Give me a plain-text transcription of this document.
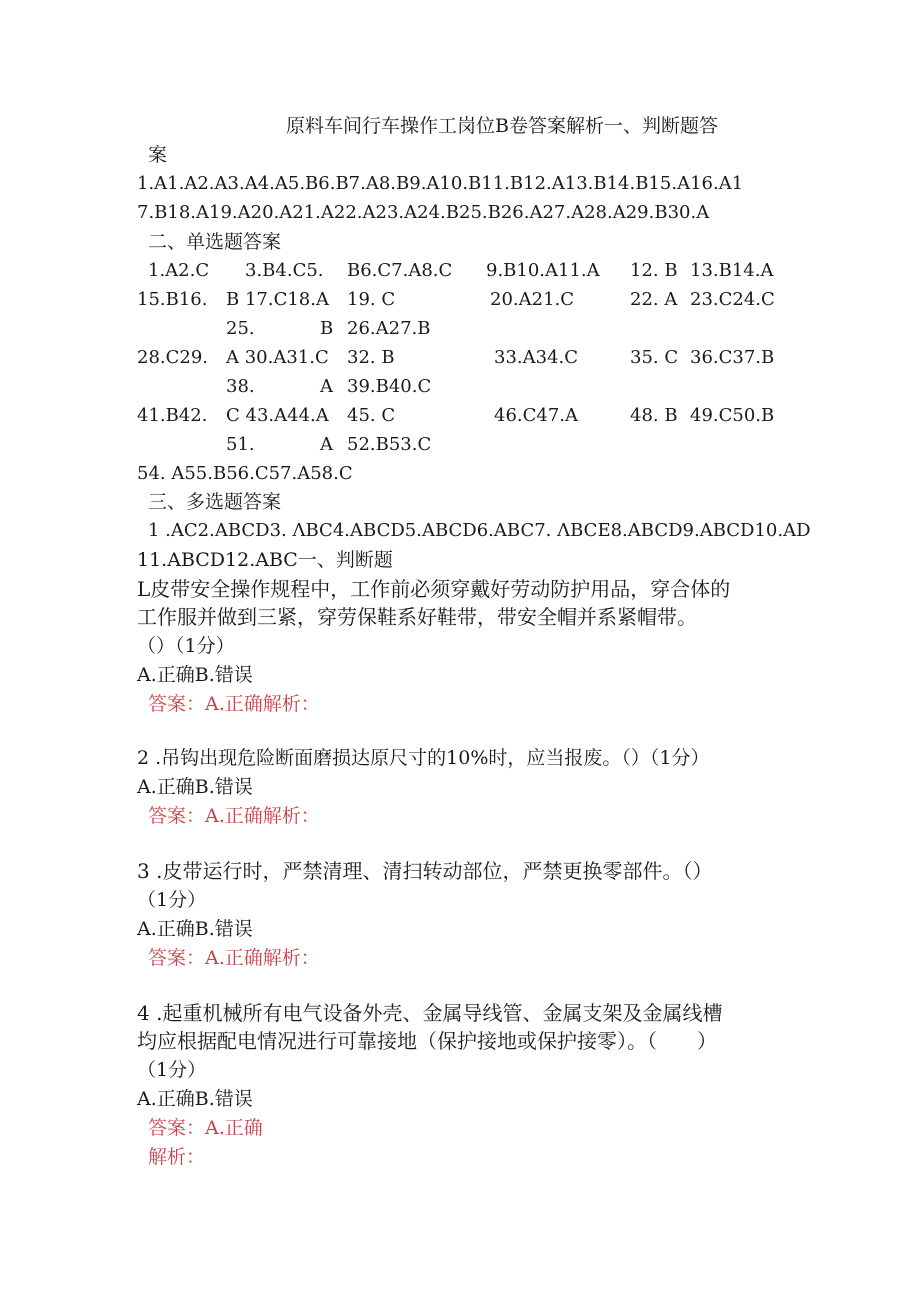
原料车间行车操作工岗位B卷答案解析一、判断题答
案
1.A1.A2.A3.A4.A5.B6.B7.A8.B9.A10.B11.B12.A13.B14.B15.A16.A1
7.B18.A19.A20.A21.A22.A23.A24.B25.B26.A27.A28.A29.B30.A
二、单选题答案
1.A2.C 3.B4.C5. B6.C7.A8.C 9.B10.A11.A 12. B 13.B14.A
15.B16. B 17.C18.A 19. C	20.A21.C	22. A 23.C24.C
25.	B 26.A27.B
28.C29. A 30.A31.C 32. B	33.A34.C	35. C 36.C37.B
38.	A 39.B40.C
41.B42. C 43.A44.A 45. C	46.C47.A	48. B 49.C50.B
51.	A 52.B53.C
54. A55.B56.C57.A58.C
三、多选题答案
1 .AC2.ABCD3. ΛBC4.ABCD5.ABCD6.ABC7. ΛBCE8.ABCD9.ABCD10.AD
11.ABCD12.ABC一、判断题
L皮带安全操作规程中，工作前必须穿戴好劳动防护用品，穿合体的
工作服并做到三紧，穿劳保鞋系好鞋带，带安全帽并系紧帽带。
（）（1分）
A.正确B.错误
答案：A.正确解析：
2 .吊钩出现危险断面磨损达原尺寸的10%时，应当报废。（）（1分）
A.正确B.错误
答案：A.正确解析：
3 .皮带运行时，严禁清理、清扫转动部位，严禁更换零部件。（）
（1分）
A.正确B.错误
答案：A.正确解析：
4 .起重机械所有电气设备外壳、金属导线管、金属支架及金属线槽
均应根据配电情况进行可靠接地（保护接地或保护接零）。（　　）
（1分）
A.正确B.错误
答案：A.正确
解析：
